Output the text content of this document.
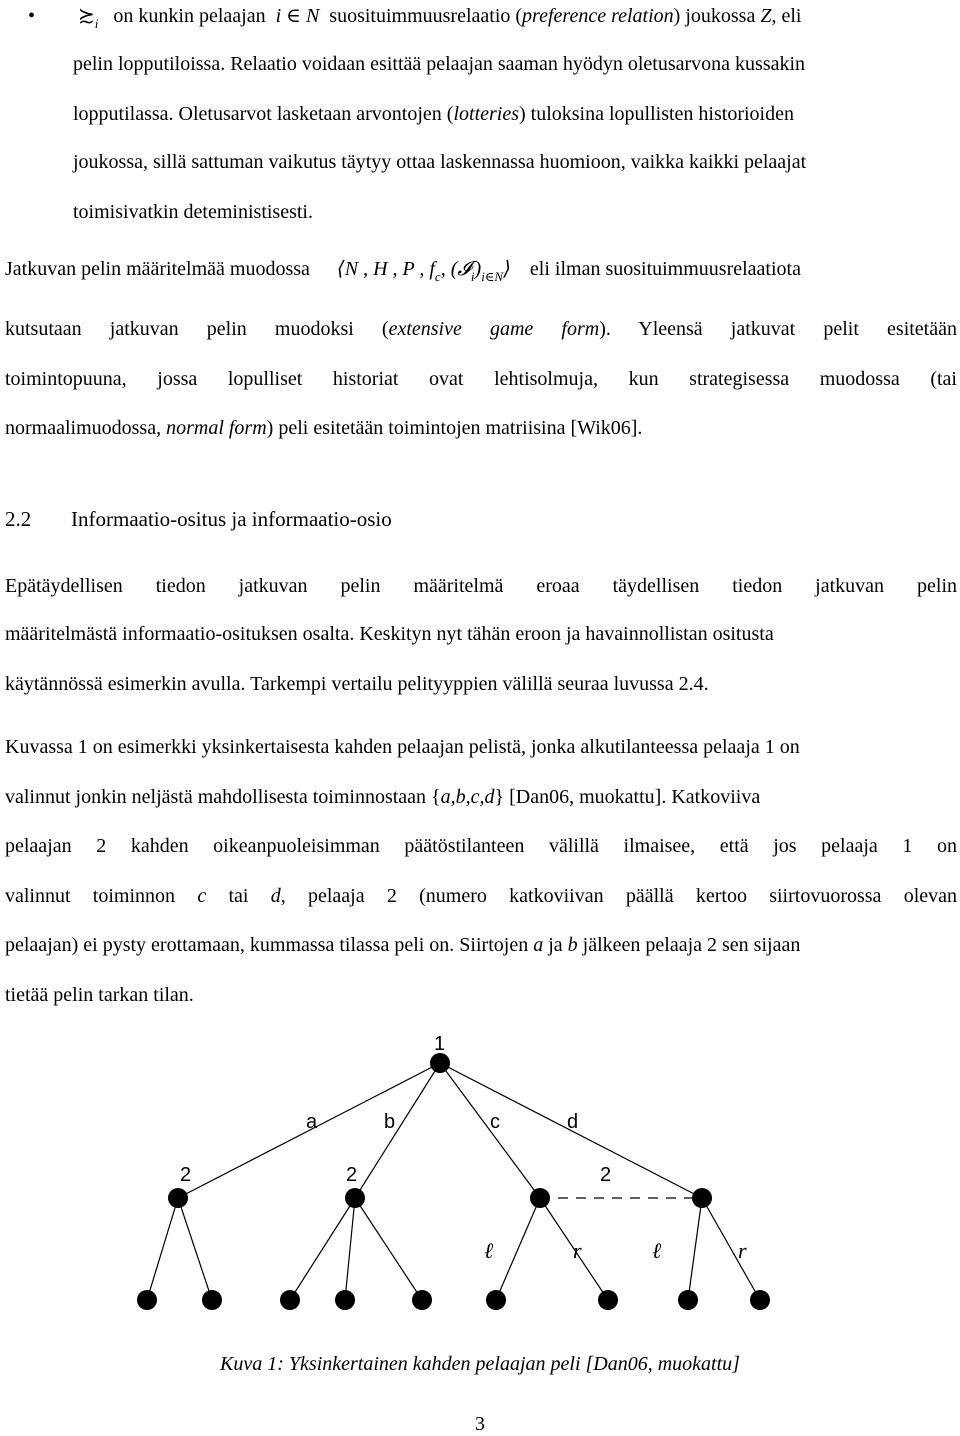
• $≿_i$ on kunkin pelaajan i ∈ N suosituimmuusrelaatio (preference relation) joukossa Z, eli
pelin lopputiloissa. Relaatio voidaan esittää pelaajan saaman hyödyn oletusarvona kussakin
lopputilassa. Oletusarvot lasketaan arvontojen (lotteries) tuloksina lopullisten historioiden
joukossa, sillä sattuman vaikutus täytyy ottaa laskennassa huomioon, vaikka kaikki pelaajat
toimisivatkin deteministisesti.
Jatkuvan pelin määritelmää muodossa ⟨N , H , P , $f_c$, $(𝓘_i)_{i\in N}⟩$ eli ilman suosituimmuusrelaatiota
kutsutaan jatkuvan pelin muodoksi (extensive game form). Yleensä jatkuvat pelit esitetään
toimintopuuna, jossa lopulliset historiat ovat lehtisolmuja, kun strategisessa muodossa (tai
normaalimuodossa, normal form) peli esitetään toimintojen matriisina [Wik06].
2.2 Informaatio-ositus ja informaatio-osio
Epätäydellisen tiedon jatkuvan pelin määritelmä eroaa täydellisen tiedon jatkuvan pelin
määritelmästä informaatio-osituksen osalta. Keskityn nyt tähän eroon ja havainnollistan ositusta
käytännössä esimerkin avulla. Tarkempi vertailu pelityyppien välillä seuraa luvussa 2.4.
Kuvassa 1 on esimerkki yksinkertaisesta kahden pelaajan pelistä, jonka alkutilanteessa pelaaja 1 on
valinnut jonkin neljästä mahdollisesta toiminnostaan {a,b,c,d} [Dan06, muokattu]. Katkoviiva
pelaajan 2 kahden oikeanpuoleisimman päätöstilanteen välillä ilmaisee, että jos pelaaja 1 on
valinnut toiminnon c tai d, pelaaja 2 (numero katkoviivan päällä kertoo siirtovuorossa olevan
pelaajan) ei pysty erottamaan, kummassa tilassa peli on. Siirtojen a ja b jälkeen pelaaja 2 sen sijaan
tietää pelin tarkan tilan.
1
a	b	c	d
2	2	2
ℓ	r	ℓ	r
Kuva 1: Yksinkertainen kahden pelaajan peli [Dan06, muokattu]
3
